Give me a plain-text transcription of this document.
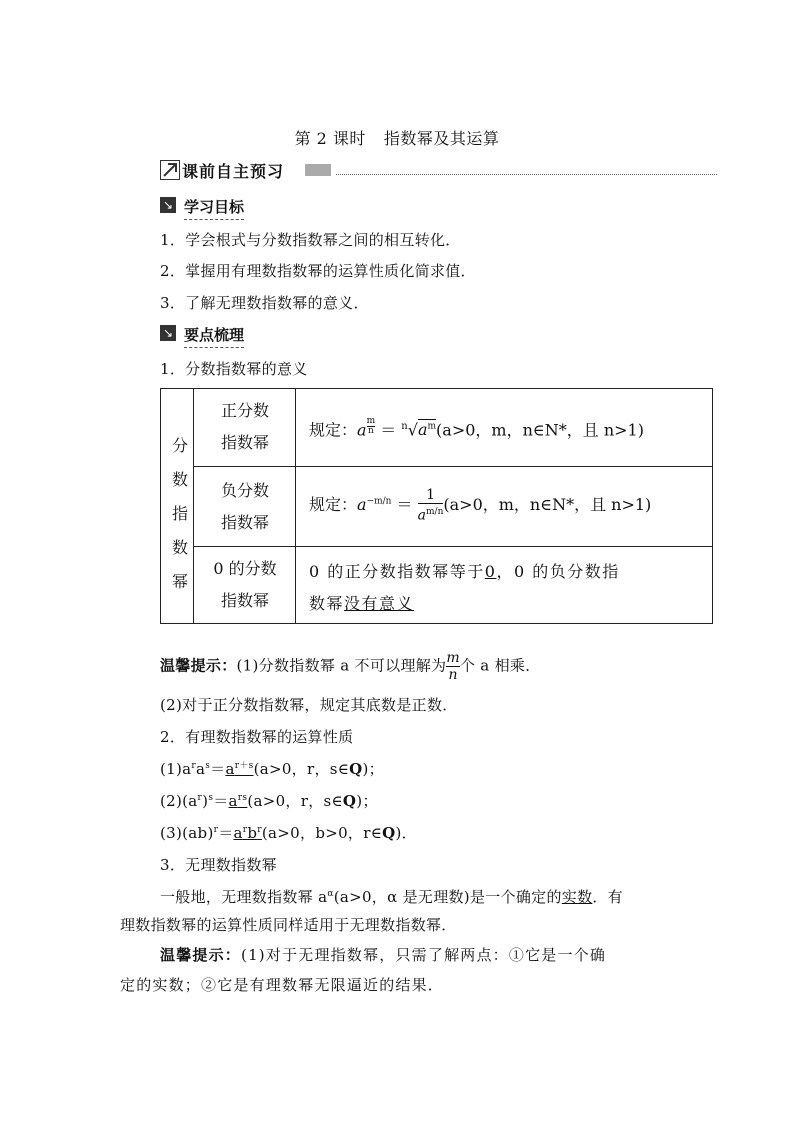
第 2 课时 指数幂及其运算
课前自主预习
↘ 学习目标
1．学会根式与分数指数幂之间的相互转化．
2．掌握用有理数指数幂的运算性质化简求值．
3．了解无理数指数幂的意义．
↘ 要点梳理
1．分数指数幂的意义
分
数
指
数
幂
正分数
指数幂
规定：a $^{\frac{m}{n}} = ^n√a^m(a>0$，m，n∈N*，且 n>1)
负分数
指数幂
规定：$a^{-m/n} = \frac{1}{a^{m/n}} (a>0$，m，n∈N*，且 n>1)
0 的分数
指数幂
0 的正分数指数幂等于0，0 的负分数指
数幂没有意义
温馨提示：(1)分数指数幂 a 不可以理解为 $\frac{m}{n}$ 个 a 相乘．
(2)对于正分数指数幂，规定其底数是正数．
2．有理数指数幂的运算性质
$(1)a^ra^s=a^{r+s}(a>0$，r，s∈Q)；
$(2)(a^r)^s=a^{rs}(a>0$，r，s∈Q)；
$(3)(ab)^r=a^rb^r(a>0$，b>0，r∈Q)．
3．无理数指数幂
一般地，无理数指数幂 $a^\alpha(a>0$，α 是无理数)是一个确定的实数．有
理数指数幂的运算性质同样适用于无理数指数幂．
温馨提示：(1)对于无理指数幂，只需了解两点：①它是一个确
定的实数；②它是有理数幂无限逼近的结果．
